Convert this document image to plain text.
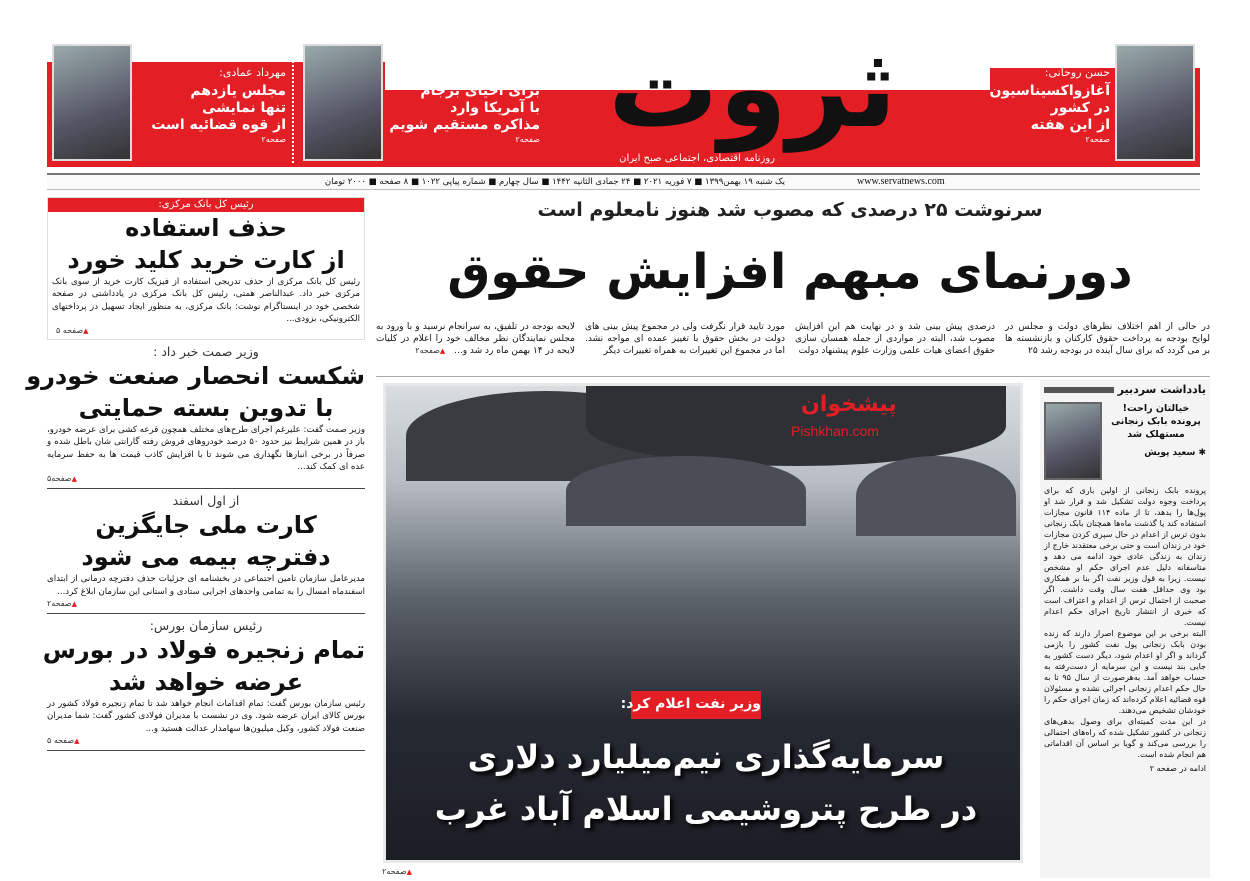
حسن روحانی:
آغازواکسیناسیون
در کشور
از این هفته
صفحه۲
ثروت
روزنامه اقتصادی، اجتماعی صبح ایران
سیدجلال ساداتیان:
برای احیای برجام
با آمریکا وارد
مذاکره مستقیم شویم
صفحه۲
مهرداد عمادی:
مجلس یازدهم
تنها نمایشی
از قوه قضائیه است
صفحه۲
یک شنبه ۱۹ بهمن۱۳۹۹ ■ ۷ فوریه ۲۰۲۱ ■ ۲۴ جمادی الثانیه ۱۴۴۲ ■ سال چهارم ■ شماره پیاپی ۱۰۲۲ ■ ۸ صفحه ■ ۲۰۰۰ تومان	www.servatnews.com
سرنوشت ۲۵ درصدی که مصوب شد هنوز نامعلوم است
دورنمای مبهم افزایش حقوق
در حالی از اهم اختلاف نظرهای دولت و مجلس در لوایح بودجه به پرداخت حقوق کارکنان و بازنشسته ها بر می گردد که برای سال آینده در بودجه رشد ۲۵
درصدی پیش بینی شد و در نهایت هم این افزایش مصوب شد، البته در مواردی از جمله همسان سازی حقوق اعضای هیات علمی وزارت علوم پیشنهاد دولت
مورد تایید قرار نگرفت ولی در مجموع پیش بینی های دولت در بخش حقوق با تغییر عمده ای مواجه نشد. اما در مجموع این تغییرات به همراه تغییرات دیگر
لایحه بودجه در تلفیق، به سرانجام نرسید و با ورود به مجلس نمایندگان نظر مخالف خود را اعلام در کلیات لایحه در ۱۴ بهمن ماه رد شد و... ▲ صفحه۲
پیشخوان
Pishkhan.com
وزیر نفت اعلام کرد:
سرمایه‌گذاری نیم‌میلیارد دلاری
در طرح پتروشیمی اسلام آباد غرب
▲ صفحه۲
یادداشت سردبیر
خیالتان راحت!
پرونده بابک زنجانی
مستهلک شد
✱ سعید پویش

پرونده بابک زنجانی از اولین باری که برای پرداخت وجوه دولت تشکیل شد و قرار شد او پول‌ها را بدهد، تا از ماده ۱۱۴ قانون مجازات استفاده کند یا گذشت ماه‌ها همچنان بابک زنجانی بدون ترس از اعدام در حال سپری کردن مجازات خود در زندان است و حتی برخی معتقدند خارج از زندان به زندگی عادی خود ادامه می دهد و متاسفانه دلیل عدم اجرای حکم او مشخص نیست. زیرا به قول وزیر نفت اگر بنا بر همکاری بود وی حداقل هفت سال وقت داشت. اگر صحبت از احتمال ترس از اعدام و اعتراف است که خبری از انتشار تاریخ اجرای حکم اعدام نیست.

البته برخی بر این موضوع اصرار دارند که زنده بودن بابک زنجانی پول نفت کشور را بازمی گرداند و اگر او اعدام شود، دیگر دست کشور به جایی بند نیست و این سرمایه از دست‌رفته به حساب خواهد آمد. به‌هرصورت از سال ۹۵ تا به حال حکم اعدام زنجانی اجرائی نشده و مسئولان قوه قضائیه اعلام کرده‌اند که زمان اجرای حکم را خودشان تشخیص می‌دهند.

در این مدت کمیته‌ای برای وصول بدهی‌های زنجانی در کشور تشکیل شده که راه‌های احتمالی را بررسی می‌کند و گویا بر اساس آن اقداماتی هم انجام شده است.

ادامه در صفحه ۲

رئیس کل بانک مرکزی:
حذف استفاده
از کارت خرید کلید خورد
رئیس کل بانک مرکزی از حذف تدریجی استفاده از فیزیک کارت خرید از سوی بانک مرکزی خبر داد. عبدالناصر همتی، رئیس کل بانک مرکزی در یادداشتی در صفحه شخصی خود در اینستاگرام نوشت: بانک مرکزی، به منظور ایجاد تسهیل در پرداختهای الکترونیکی، بزودی...
▲ صفحه ۵
وزیر صمت خبر داد :
شکست انحصار صنعت خودرو
با تدوین بسته حمایتی
وزیر صمت گفت: علیرغم اجرای طرح‌های مختلف همچون قرعه کشی برای عرضه خودرو، باز در همین شرایط نیز حدود ۵۰ درصد خودروهای فروش رفته گارانتی شان باطل شده و صرفاً در برخی انبارها نگهداری می شوند تا با افزایش کاذب قیمت ها به حفظ سرمایه عده ای کمک کند...
▲ صفحه۵
از اول اسفند
کارت ملی جایگزین
دفترچه بیمه می شود
مدیرعامل سازمان تامین اجتماعی در بخشنامه ای جزئیات حذف دفترچه درمانی از ابتدای اسفندماه امسال را به تمامی واحدهای اجرایی ستادی و استانی این سازمان ابلاغ کرد...
▲ صفحه۲
رئیس سازمان بورس:
تمام زنجیره فولاد در بورس
عرضه خواهد شد
رئیس سازمان بورس گفت: تمام اقدامات انجام خواهد شد تا تمام زنجیره فولاد کشور در بورس کالای ایران عرضه شود. وی در نشست با مدیران فولادی کشور گفت: شما مدیران صنعت فولاد کشور، وکیل میلیون‌ها سهامدار عدالت هستید و...
▲ صفحه ۵
